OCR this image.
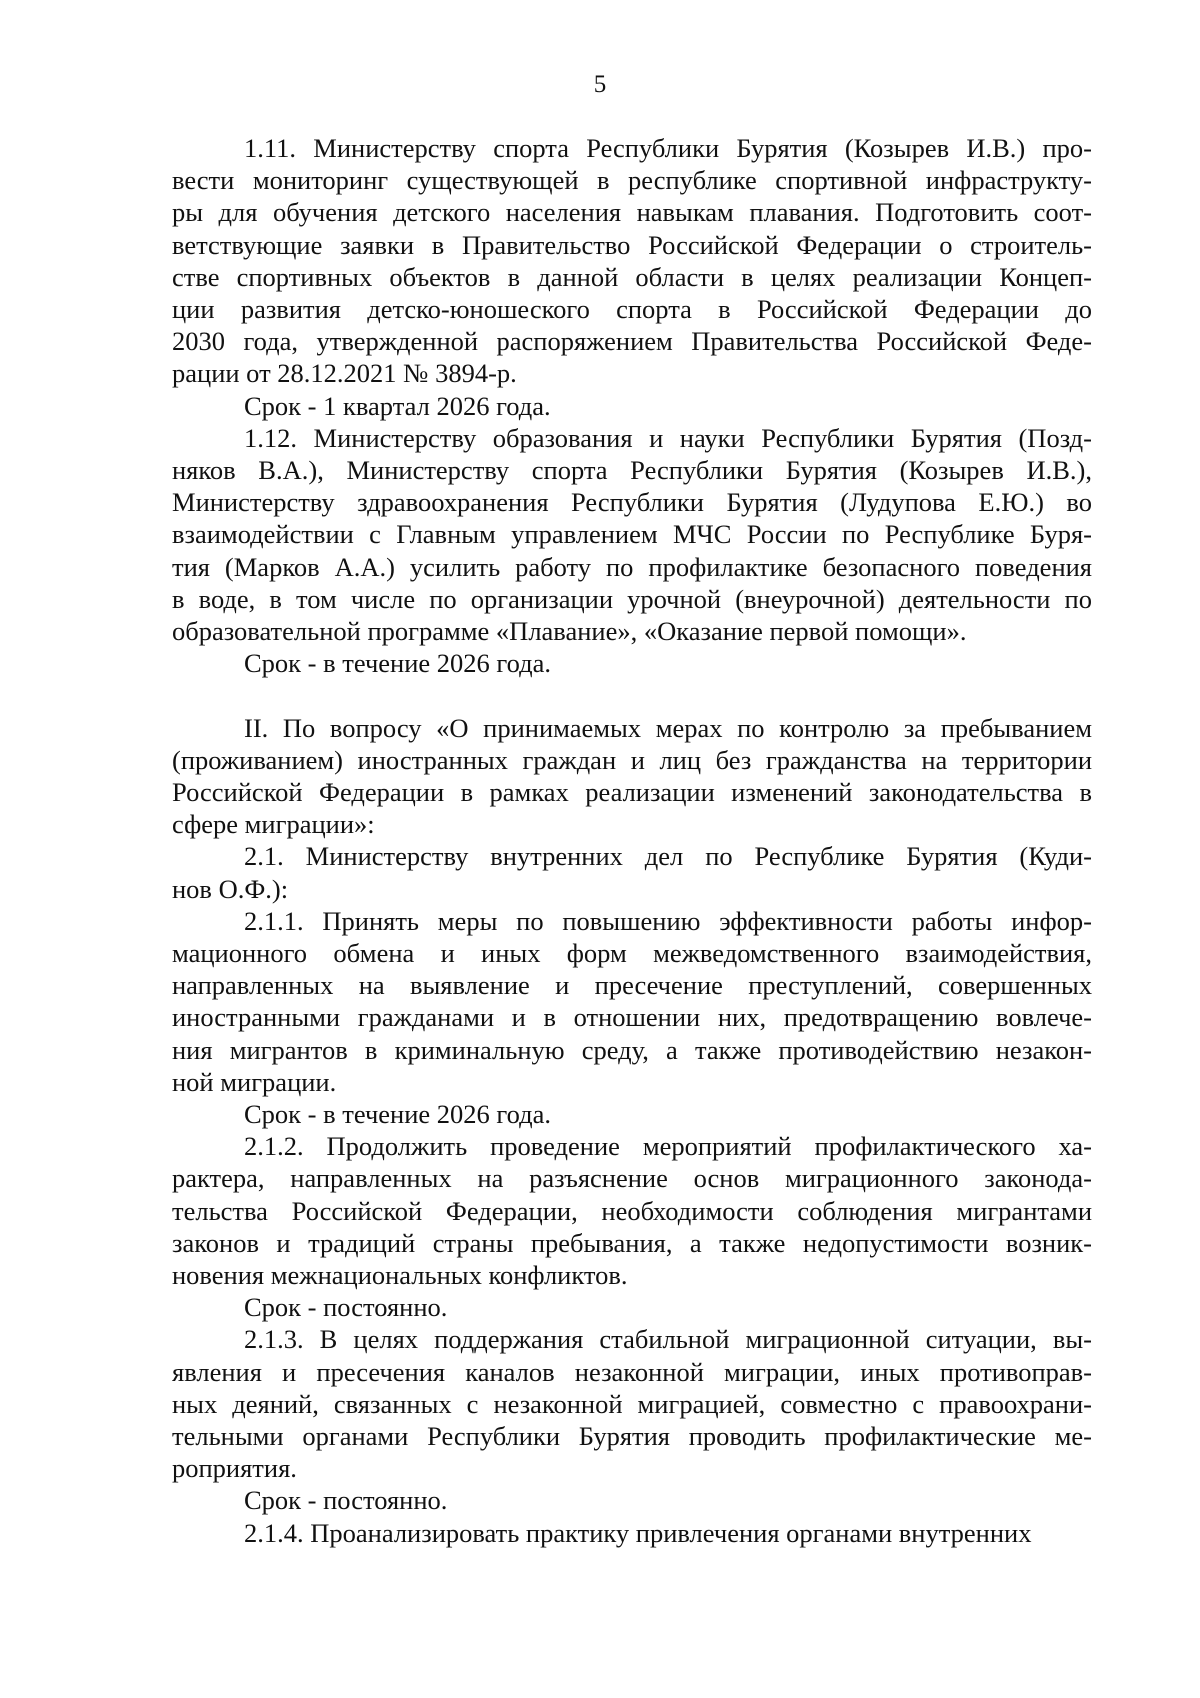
5
1.11. Министерству спорта Республики Бурятия (Козырев И.В.) про-
вести мониторинг существующей в республике спортивной инфраструкту-
ры для обучения детского населения навыкам плавания. Подготовить соот-
ветствующие заявки в Правительство Российской Федерации о строитель-
стве спортивных объектов в данной области в целях реализации Концеп-
ции развития детско-юношеского спорта в Российской Федерации до
2030 года, утвержденной распоряжением Правительства Российской Феде-
рации от 28.12.2021 № 3894-р.
Срок - 1 квартал 2026 года.
1.12. Министерству образования и науки Республики Бурятия (Позд-
няков В.А.), Министерству спорта Республики Бурятия (Козырев И.В.),
Министерству здравоохранения Республики Бурятия (Лудупова Е.Ю.) во
взаимодействии с Главным управлением МЧС России по Республике Буря-
тия (Марков А.А.) усилить работу по профилактике безопасного поведения
в воде, в том числе по организации урочной (внеурочной) деятельности по
образовательной программе «Плавание», «Оказание первой помощи».
Срок - в течение 2026 года.
II. По вопросу «О принимаемых мерах по контролю за пребыванием
(проживанием) иностранных граждан и лиц без гражданства на территории
Российской Федерации в рамках реализации изменений законодательства в
сфере миграции»:
2.1. Министерству внутренних дел по Республике Бурятия (Куди-
нов О.Ф.):
2.1.1. Принять меры по повышению эффективности работы инфор-
мационного обмена и иных форм межведомственного взаимодействия,
направленных на выявление и пресечение преступлений, совершенных
иностранными гражданами и в отношении них, предотвращению вовлече-
ния мигрантов в криминальную среду, а также противодействию незакон-
ной миграции.
Срок - в течение 2026 года.
2.1.2. Продолжить проведение мероприятий профилактического ха-
рактера, направленных на разъяснение основ миграционного законода-
тельства Российской Федерации, необходимости соблюдения мигрантами
законов и традиций страны пребывания, а также недопустимости возник-
новения межнациональных конфликтов.
Срок - постоянно.
2.1.3. В целях поддержания стабильной миграционной ситуации, вы-
явления и пресечения каналов незаконной миграции, иных противоправ-
ных деяний, связанных с незаконной миграцией, совместно с правоохрани-
тельными органами Республики Бурятия проводить профилактические ме-
роприятия.
Срок - постоянно.
2.1.4. Проанализировать практику привлечения органами внутренних
